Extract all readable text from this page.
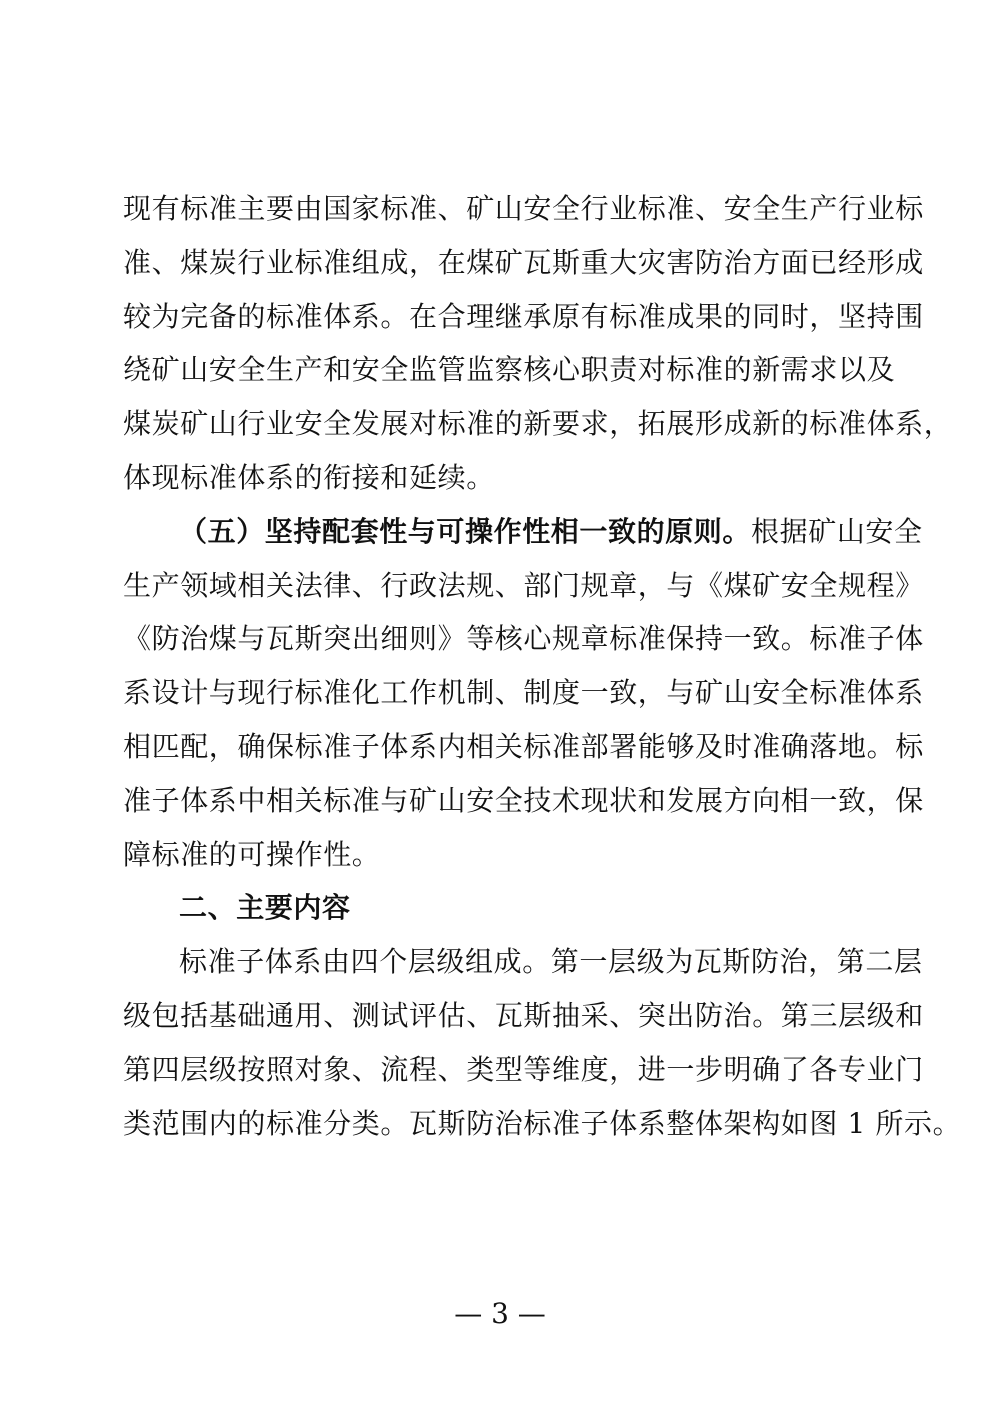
现有标准主要由国家标准、矿山安全行业标准、安全生产行业标
准、煤炭行业标准组成，在煤矿瓦斯重大灾害防治方面已经形成
较为完备的标准体系。在合理继承原有标准成果的同时，坚持围
绕矿山安全生产和安全监管监察核心职责对标准的新需求以及
煤炭矿山行业安全发展对标准的新要求，拓展形成新的标准体系，
体现标准体系的衔接和延续。
（五）坚持配套性与可操作性相一致的原则。根据矿山安全
生产领域相关法律、行政法规、部门规章，与《煤矿安全规程》
《防治煤与瓦斯突出细则》等核心规章标准保持一致。标准子体
系设计与现行标准化工作机制、制度一致，与矿山安全标准体系
相匹配，确保标准子体系内相关标准部署能够及时准确落地。标
准子体系中相关标准与矿山安全技术现状和发展方向相一致，保
障标准的可操作性。
二、主要内容
标准子体系由四个层级组成。第一层级为瓦斯防治，第二层
级包括基础通用、测试评估、瓦斯抽采、突出防治。第三层级和
第四层级按照对象、流程、类型等维度，进一步明确了各专业门
类范围内的标准分类。瓦斯防治标准子体系整体架构如图 1 所示。
— 3 —
